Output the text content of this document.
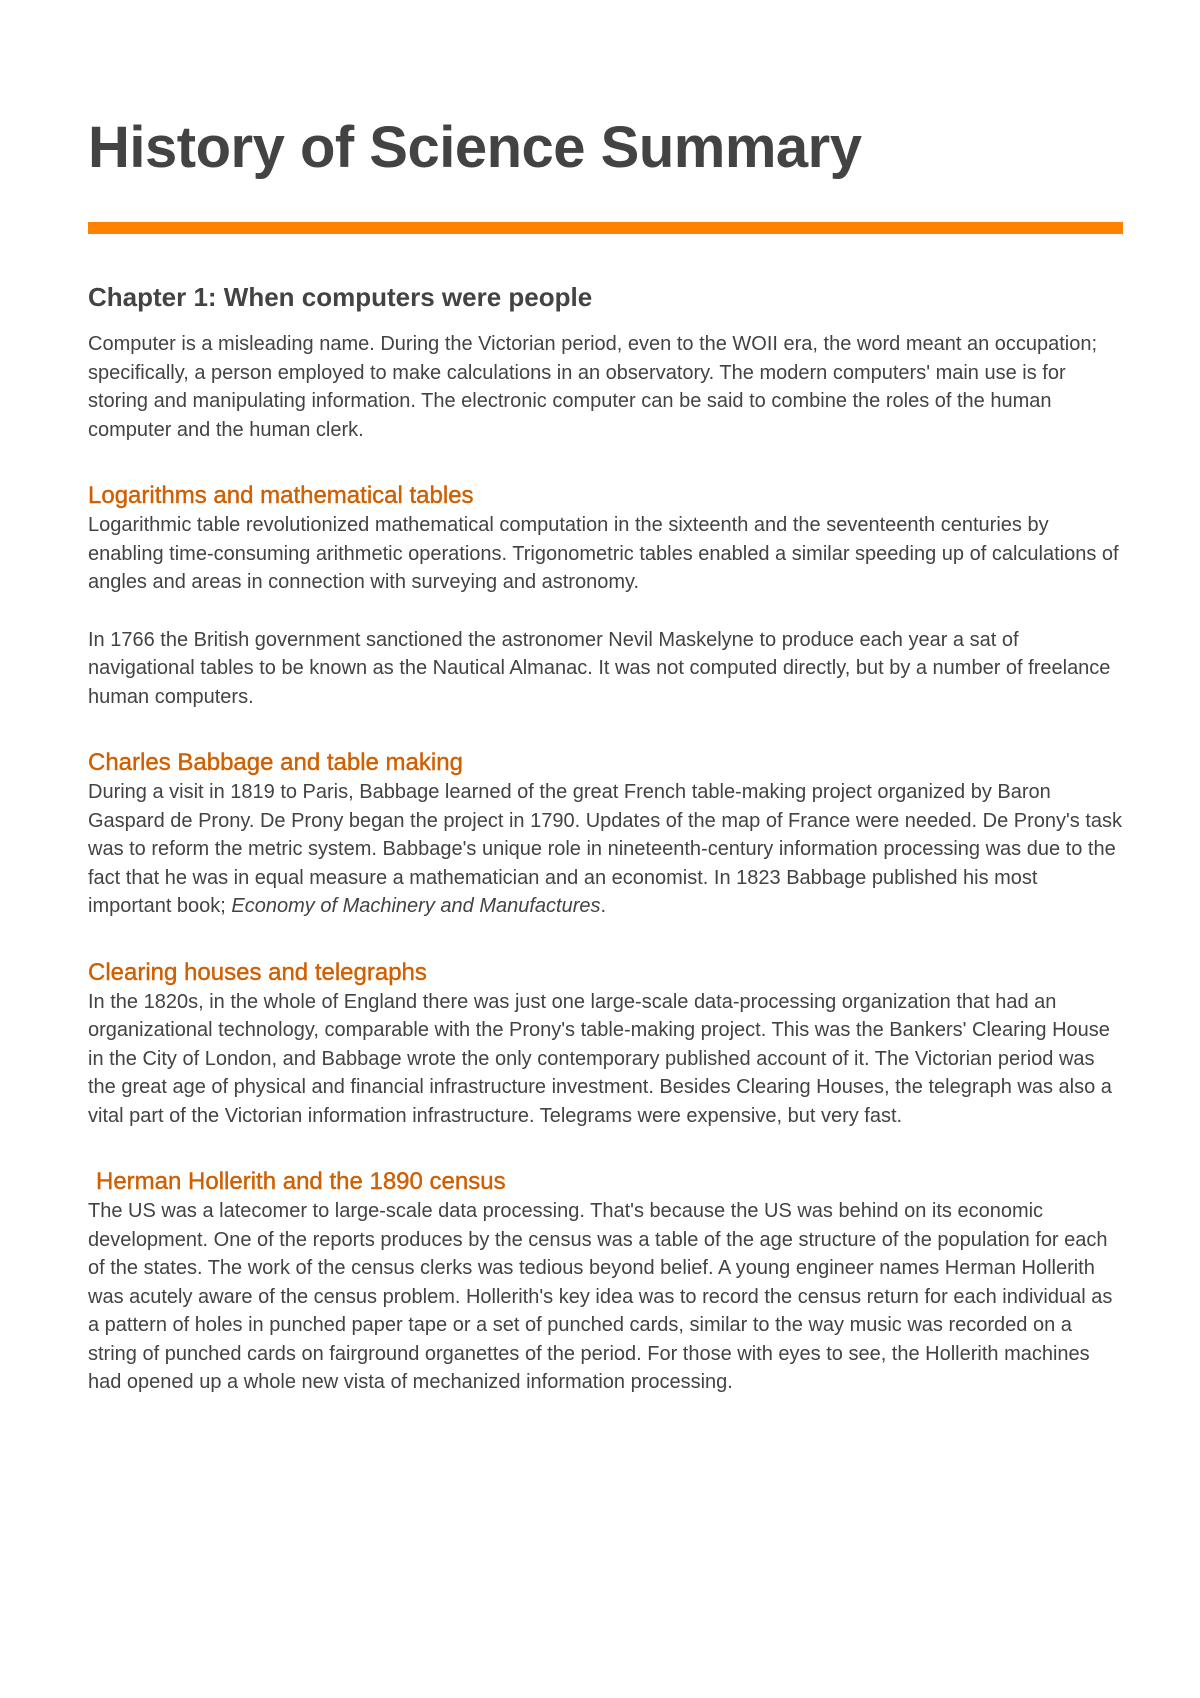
History of Science Summary
Chapter 1: When computers were people

Computer is a misleading name. During the Victorian period, even to the WOII era, the word meant an occupation; specifically, a person employed to make calculations in an observatory. The modern computers' main use is for storing and manipulating information. The electronic computer can be said to combine the roles of the human computer and the human clerk.

Logarithms and mathematical tables

Logarithmic table revolutionized mathematical computation in the sixteenth and the seventeenth centuries by enabling time-consuming arithmetic operations. Trigonometric tables enabled a similar speeding up of calculations of angles and areas in connection with surveying and astronomy.

In 1766 the British government sanctioned the astronomer Nevil Maskelyne to produce each year a sat of navigational tables to be known as the Nautical Almanac. It was not computed directly, but by a number of freelance human computers.

Charles Babbage and table making

During a visit in 1819 to Paris, Babbage learned of the great French table-making project organized by Baron Gaspard de Prony. De Prony began the project in 1790. Updates of the map of France were needed. De Prony's task was to reform the metric system. Babbage's unique role in nineteenth-century information processing was due to the fact that he was in equal measure a mathematician and an economist. In 1823 Babbage published his most important book; Economy of Machinery and Manufactures.

Clearing houses and telegraphs

In the 1820s, in the whole of England there was just one large-scale data-processing organization that had an organizational technology, comparable with the Prony's table-making project. This was the Bankers' Clearing House in the City of London, and Babbage wrote the only contemporary published account of it. The Victorian period was the great age of physical and financial infrastructure investment. Besides Clearing Houses, the telegraph was also a vital part of the Victorian information infrastructure. Telegrams were expensive, but very fast.

Herman Hollerith and the 1890 census

The US was a latecomer to large-scale data processing. That's because the US was behind on its economic development. One of the reports produces by the census was a table of the age structure of the population for each of the states. The work of the census clerks was tedious beyond belief. A young engineer names Herman Hollerith was acutely aware of the census problem. Hollerith's key idea was to record the census return for each individual as a pattern of holes in punched paper tape or a set of punched cards, similar to the way music was recorded on a string of punched cards on fairground organettes of the period. For those with eyes to see, the Hollerith machines had opened up a whole new vista of mechanized information processing.
